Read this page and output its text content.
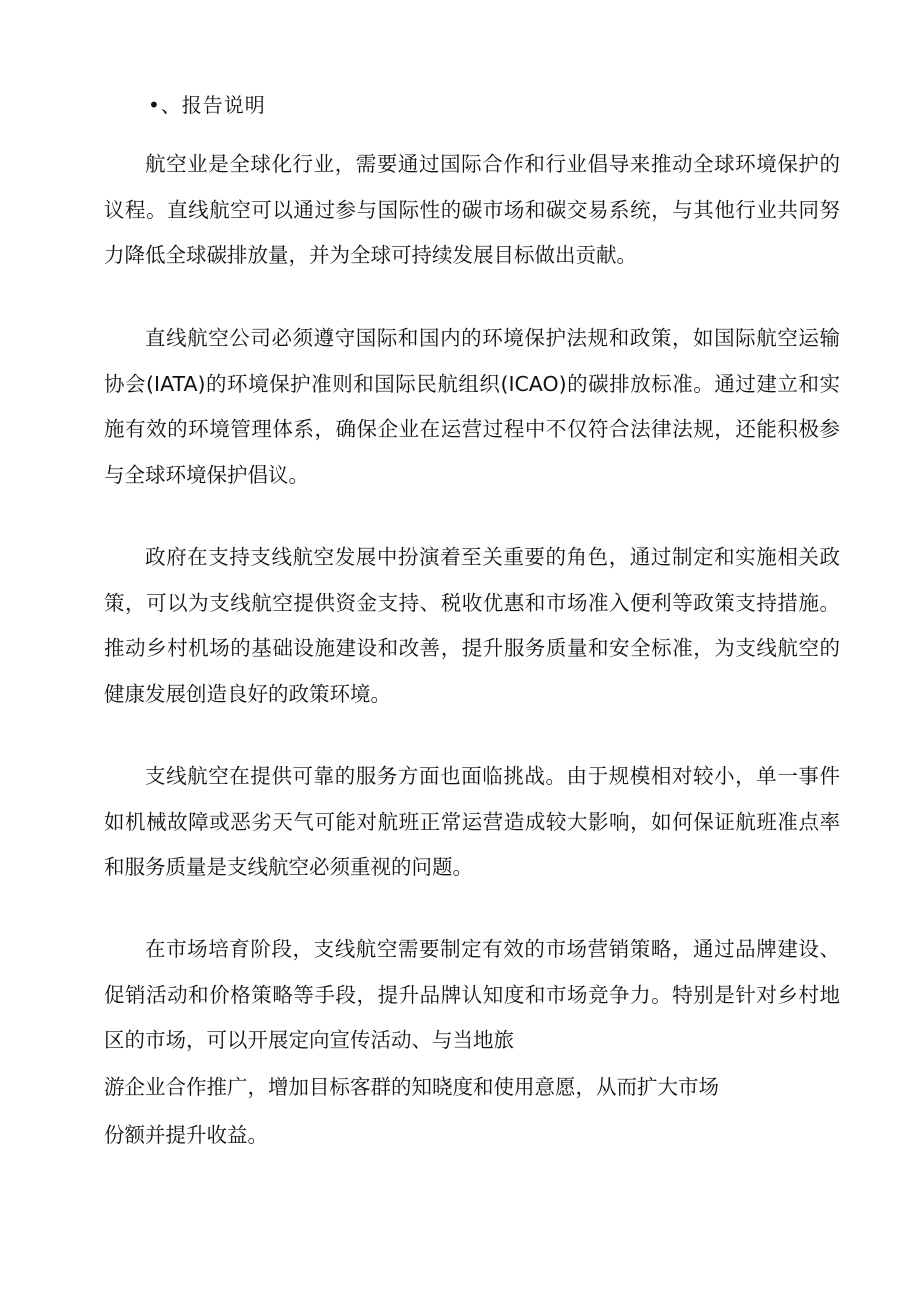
•、报告说明

航空业是全球化行业，需要通过国际合作和行业倡导来推动全球环境保护的议程。直线航空可以通过参与国际性的碳市场和碳交易系统，与其他行业共同努力降低全球碳排放量，并为全球可持续发展目标做出贡献。

直线航空公司必须遵守国际和国内的环境保护法规和政策，如国际航空运输协会(IATA)的环境保护准则和国际民航组织(ICAO)的碳排放标准。通过建立和实施有效的环境管理体系，确保企业在运营过程中不仅符合法律法规，还能积极参与全球环境保护倡议。

政府在支持支线航空发展中扮演着至关重要的角色，通过制定和实施相关政策，可以为支线航空提供资金支持、税收优惠和市场准入便利等政策支持措施。推动乡村机场的基础设施建设和改善，提升服务质量和安全标准，为支线航空的健康发展创造良好的政策环境。

支线航空在提供可靠的服务方面也面临挑战。由于规模相对较小，单一事件如机械故障或恶劣天气可能对航班正常运营造成较大影响，如何保证航班准点率和服务质量是支线航空必须重视的问题。

在市场培育阶段，支线航空需要制定有效的市场营销策略，通过品牌建设、促销活动和价格策略等手段，提升品牌认知度和市场竞争力。特别是针对乡村地区的市场，可以开展定向宣传活动、与当地旅

游企业合作推广，增加目标客群的知晓度和使用意愿，从而扩大市场
份额并提升收益。
